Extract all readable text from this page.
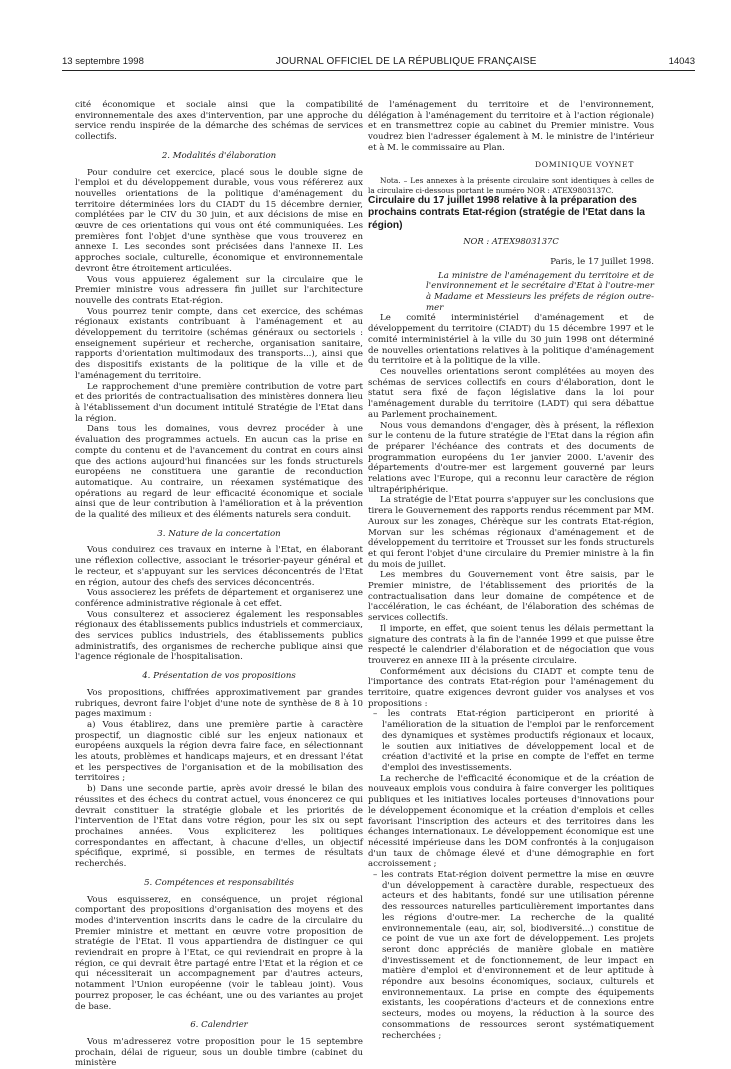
13 septembre 1998	JOURNAL OFFICIEL DE LA RÉPUBLIQUE FRANÇAISE	14043

cité économique et sociale ainsi que la compatibilité environnementale des axes d'intervention, par une approche du service rendu inspirée de la démarche des schémas de services collectifs.

2. Modalités d'élaboration

Pour conduire cet exercice, placé sous le double signe de l'emploi et du développement durable, vous vous référerez aux nouvelles orientations de la politique d'aménagement du territoire déterminées lors du CIADT du 15 décembre dernier, complétées par le CIV du 30 juin, et aux décisions de mise en œuvre de ces orientations qui vous ont été communiquées. Les premières font l'objet d'une synthèse que vous trouverez en annexe I. Les secondes sont précisées dans l'annexe II. Les approches sociale, culturelle, économique et environnementale devront être étroitement articulées.

Vous vous appuierez également sur la circulaire que le Premier ministre vous adressera fin juillet sur l'architecture nouvelle des contrats Etat-région.

Vous pourrez tenir compte, dans cet exercice, des schémas régionaux existants contribuant à l'aménagement et au développement du territoire (schémas généraux ou sectoriels : enseignement supérieur et recherche, organisation sanitaire, rapports d'orientation multimodaux des transports...), ainsi que des dispositifs existants de la politique de la ville et de l'aménagement du territoire.

Le rapprochement d'une première contribution de votre part et des priorités de contractualisation des ministères donnera lieu à l'établissement d'un document intitulé Stratégie de l'Etat dans la région.

Dans tous les domaines, vous devrez procéder à une évaluation des programmes actuels. En aucun cas la prise en compte du contenu et de l'avancement du contrat en cours ainsi que des actions aujourd'hui financées sur les fonds structurels européens ne constituera une garantie de reconduction automatique. Au contraire, un réexamen systématique des opérations au regard de leur efficacité économique et sociale ainsi que de leur contribution à l'amélioration et à la prévention de la qualité des milieux et des éléments naturels sera conduit.

3. Nature de la concertation

Vous conduirez ces travaux en interne à l'Etat, en élaborant une réflexion collective, associant le trésorier-payeur général et le recteur, et s'appuyant sur les services déconcentrés de l'Etat en région, autour des chefs des services déconcentrés.

Vous associerez les préfets de département et organiserez une conférence administrative régionale à cet effet.

Vous consulterez et associerez également les responsables régionaux des établissements publics industriels et commerciaux, des services publics industriels, des établissements publics administratifs, des organismes de recherche publique ainsi que l'agence régionale de l'hospitalisation.

4. Présentation de vos propositions

Vos propositions, chiffrées approximativement par grandes rubriques, devront faire l'objet d'une note de synthèse de 8 à 10 pages maximum :

a) Vous établirez, dans une première partie à caractère prospectif, un diagnostic ciblé sur les enjeux nationaux et européens auxquels la région devra faire face, en sélectionnant les atouts, problèmes et handicaps majeurs, et en dressant l'état et les perspectives de l'organisation et de la mobilisation des territoires ;

b) Dans une seconde partie, après avoir dressé le bilan des réussites et des échecs du contrat actuel, vous énoncerez ce qui devrait constituer la stratégie globale et les priorités de l'intervention de l'Etat dans votre région, pour les six ou sept prochaines années. Vous expliciterez les politiques correspondantes en affectant, à chacune d'elles, un objectif spécifique, exprimé, si possible, en termes de résultats recherchés.

5. Compétences et responsabilités

Vous esquisserez, en conséquence, un projet régional comportant des propositions d'organisation des moyens et des modes d'intervention inscrits dans le cadre de la circulaire du Premier ministre et mettant en œuvre votre proposition de stratégie de l'Etat. Il vous appartiendra de distinguer ce qui reviendrait en propre à l'Etat, ce qui reviendrait en propre à la région, ce qui devrait être partagé entre l'Etat et la région et ce qui nécessiterait un accompagnement par d'autres acteurs, notamment l'Union européenne (voir le tableau joint). Vous pourrez proposer, le cas échéant, une ou des variantes au projet de base.

6. Calendrier

Vous m'adresserez votre proposition pour le 15 septembre prochain, délai de rigueur, sous un double timbre (cabinet du ministère

de l'aménagement du territoire et de l'environnement, délégation à l'aménagement du territoire et à l'action régionale) et en transmettrez copie au cabinet du Premier ministre. Vous voudrez bien l'adresser également à M. le ministre de l'intérieur et à M. le commissaire au Plan.

DOMINIQUE VOYNET

Nota. – Les annexes à la présente circulaire sont identiques à celles de la circulaire ci-dessous portant le numéro NOR : ATEX9803137C.

Circulaire du 17 juillet 1998 relative à la préparation des prochains contrats Etat-région (stratégie de l'Etat dans la région)
NOR : ATEX9803137C
Paris, le 17 juillet 1998.

La ministre de l'aménagement du territoire et de l'environnement et le secrétaire d'Etat à l'outre-mer à Madame et Messieurs les préfets de région outre-mer

Le comité interministériel d'aménagement et de développement du territoire (CIADT) du 15 décembre 1997 et le comité interministériel à la ville du 30 juin 1998 ont déterminé de nouvelles orientations relatives à la politique d'aménagement du territoire et à la politique de la ville.

Ces nouvelles orientations seront complétées au moyen des schémas de services collectifs en cours d'élaboration, dont le statut sera fixé de façon législative dans la loi pour l'aménagement durable du territoire (LADT) qui sera débattue au Parlement prochainement.

Nous vous demandons d'engager, dès à présent, la réflexion sur le contenu de la future stratégie de l'Etat dans la région afin de préparer l'échéance des contrats et des documents de programmation européens du 1er janvier 2000. L'avenir des départements d'outre-mer est largement gouverné par leurs relations avec l'Europe, qui a reconnu leur caractère de région ultrapériphérique.

La stratégie de l'Etat pourra s'appuyer sur les conclusions que tirera le Gouvernement des rapports rendus récemment par MM. Auroux sur les zonages, Chérèque sur les contrats Etat-région, Morvan sur les schémas régionaux d'aménagement et de développement du territoire et Trousset sur les fonds structurels et qui feront l'objet d'une circulaire du Premier ministre à la fin du mois de juillet.

Les membres du Gouvernement vont être saisis, par le Premier ministre, de l'établissement des priorités de la contractualisation dans leur domaine de compétence et de l'accélération, le cas échéant, de l'élaboration des schémas de services collectifs.

Il importe, en effet, que soient tenus les délais permettant la signature des contrats à la fin de l'année 1999 et que puisse être respecté le calendrier d'élaboration et de négociation que vous trouverez en annexe III à la présente circulaire.

Conformément aux décisions du CIADT et compte tenu de l'importance des contrats Etat-région pour l'aménagement du territoire, quatre exigences devront guider vos analyses et vos propositions :

– les contrats Etat-région participeront en priorité à l'amélioration de la situation de l'emploi par le renforcement des dynamiques et systèmes productifs régionaux et locaux, le soutien aux initiatives de développement local et de création d'activité et la prise en compte de l'effet en terme d'emploi des investissements.

La recherche de l'efficacité économique et de la création de nouveaux emplois vous conduira à faire converger les politiques publiques et les initiatives locales porteuses d'innovations pour le développement économique et la création d'emplois et celles favorisant l'inscription des acteurs et des territoires dans les échanges internationaux. Le développement économique est une nécessité impérieuse dans les DOM confrontés à la conjugaison d'un taux de chômage élevé et d'une démographie en fort accroissement ;

– les contrats Etat-région doivent permettre la mise en œuvre d'un développement à caractère durable, respectueux des acteurs et des habitants, fondé sur une utilisation pérenne des ressources naturelles particulièrement importantes dans les régions d'outre-mer. La recherche de la qualité environnementale (eau, air, sol, biodiversité...) constitue de ce point de vue un axe fort de développement. Les projets seront donc appréciés de manière globale en matière d'investissement et de fonctionnement, de leur impact en matière d'emploi et d'environnement et de leur aptitude à répondre aux besoins économiques, sociaux, culturels et environnementaux. La prise en compte des équipements existants, les coopérations d'acteurs et de connexions entre secteurs, modes ou moyens, la réduction à la source des consommations de ressources seront systématiquement recherchées ;
